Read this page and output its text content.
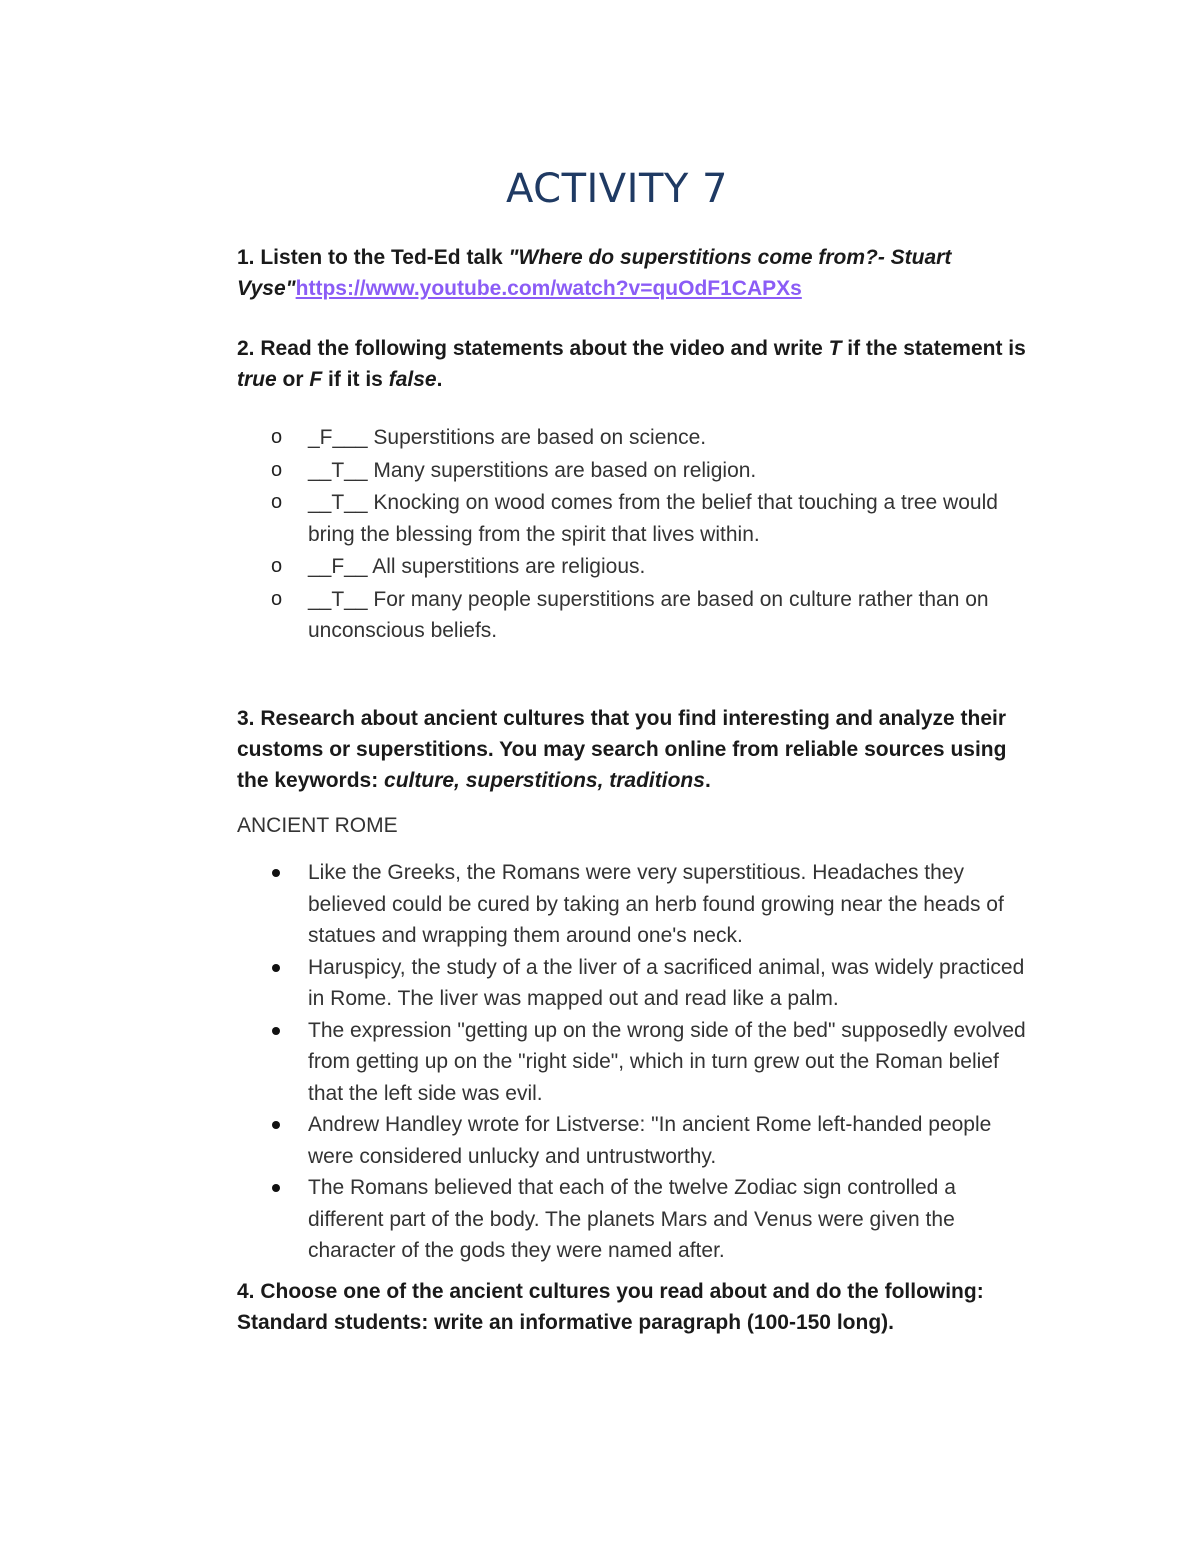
ACTIVITY 7
1. Listen to the Ted-Ed talk "Where do superstitions come from?- Stuart Vyse"https://www.youtube.com/watch?v=quOdF1CAPXs
2. Read the following statements about the video and write T if the statement is true or F if it is false.
o _F___ Superstitions are based on science.
o __T__ Many superstitions are based on religion.
o __T__ Knocking on wood comes from the belief that touching a tree would bring the blessing from the spirit that lives within.
o __F__ All superstitions are religious.
o __T__ For many people superstitions are based on culture rather than on unconscious beliefs.
3. Research about ancient cultures that you find interesting and analyze their customs or superstitions. You may search online from reliable sources using the keywords: culture, superstitions, traditions.
ANCIENT ROME
Like the Greeks, the Romans were very superstitious. Headaches they believed could be cured by taking an herb found growing near the heads of statues and wrapping them around one's neck.
Haruspicy, the study of a the liver of a sacrificed animal, was widely practiced in Rome. The liver was mapped out and read like a palm.
The expression "getting up on the wrong side of the bed" supposedly evolved from getting up on the "right side", which in turn grew out the Roman belief that the left side was evil.
Andrew Handley wrote for Listverse: "In ancient Rome left-handed people were considered unlucky and untrustworthy.
The Romans believed that each of the twelve Zodiac sign controlled a different part of the body. The planets Mars and Venus were given the character of the gods they were named after.
4. Choose one of the ancient cultures you read about and do the following:
Standard students: write an informative paragraph (100-150 long).
